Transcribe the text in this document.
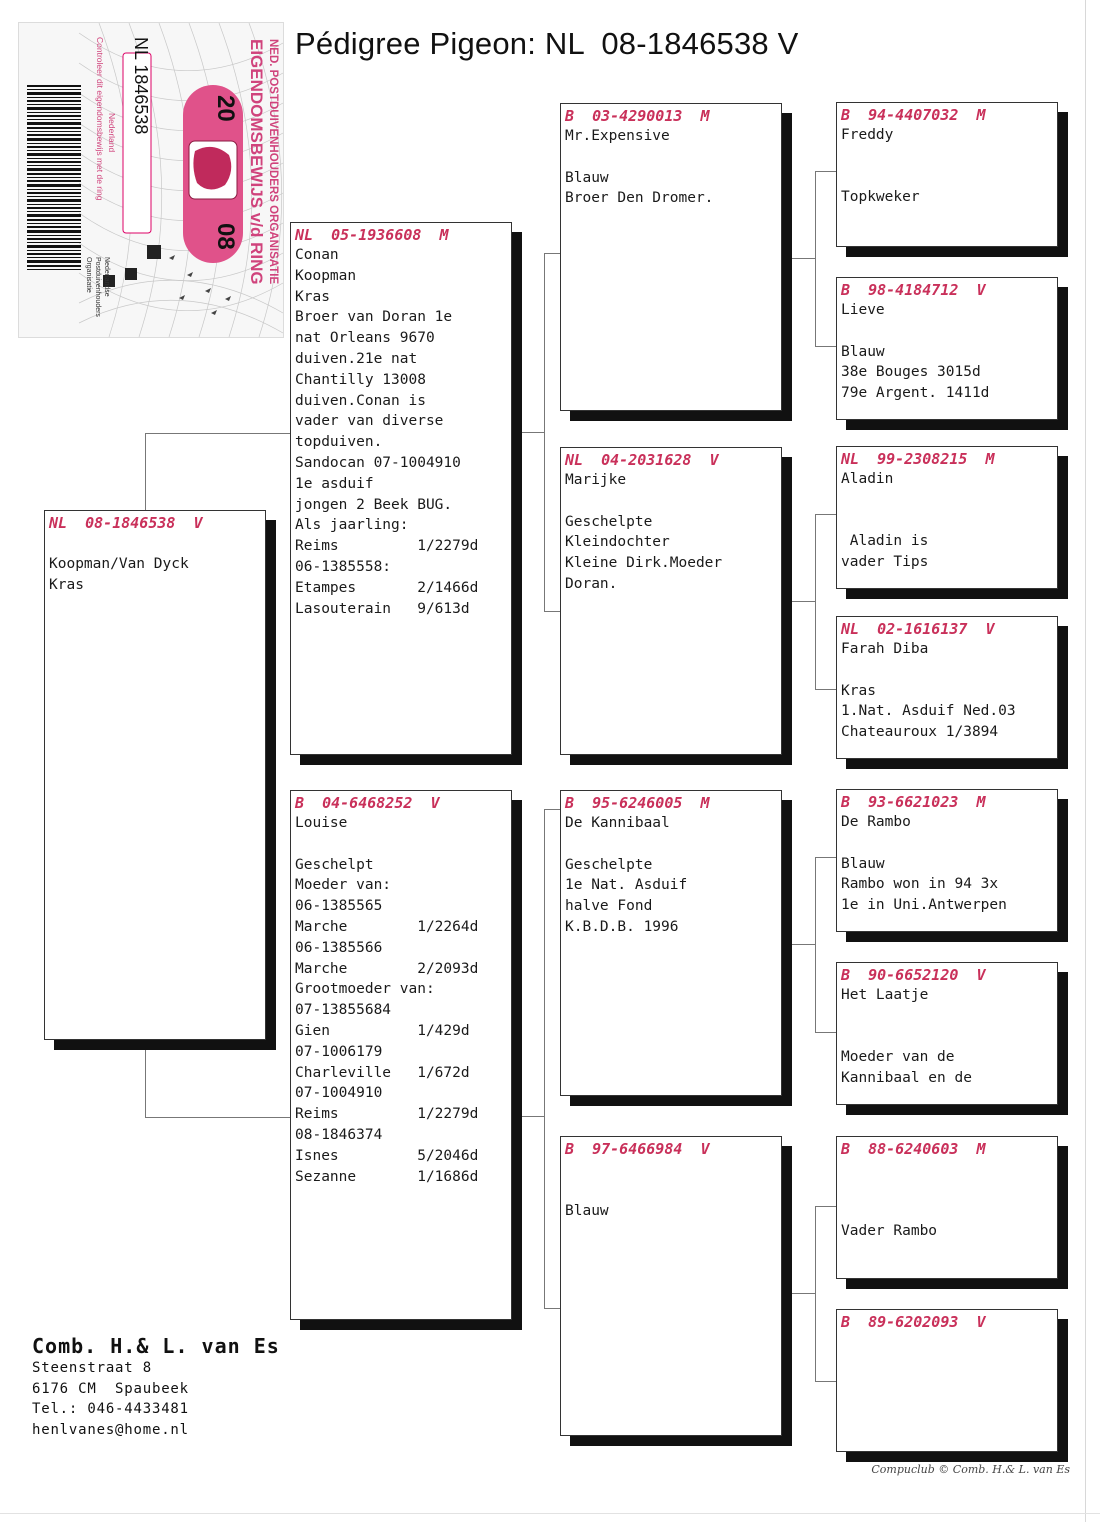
Pédigree Pigeon: NL  08-1846538 V
NED. POSTDUIVENHOUDERS ORGANISATIE
EIGENDOMSBEWIJS v/d RING
20
08
NL 1846538
Nederland
Controleer dit eigendomsbewijs met de ring
Nederlandse Postduivenhouders Organisatie
NL  08-1846538  V

Koopman/Van Dyck
Kras
NL  05-1936608  M
Conan
Koopman
Kras
Broer van Doran 1e
nat Orleans 9670
duiven.21e nat
Chantilly 13008
duiven.Conan is
vader van diverse
topduiven.
Sandocan 07-1004910
1e asduif
jongen 2 Beek BUG.
Als jaarling:
Reims         1/2279d
06-1385558:
Etampes       2/1466d
Lasouterain   9/613d
B  04-6468252  V
Louise

Geschelpt
Moeder van:
06-1385565
Marche        1/2264d
06-1385566
Marche        2/2093d
Grootmoeder van:
07-13855684
Gien          1/429d
07-1006179
Charleville   1/672d
07-1004910
Reims         1/2279d
08-1846374
Isnes         5/2046d
Sezanne       1/1686d
B  03-4290013  M
Mr.Expensive

Blauw
Broer Den Dromer.
NL  04-2031628  V
Marijke

Geschelpte
Kleindochter
Kleine Dirk.Moeder
Doran.
B  95-6246005  M
De Kannibaal

Geschelpte
1e Nat. Asduif
halve Fond
K.B.D.B. 1996
B  97-6466984  V

Blauw
B  94-4407032  M
Freddy

Topkweker
B  98-4184712  V
Lieve

Blauw
38e Bouges 3015d
79e Argent. 1411d
NL  99-2308215  M
Aladin

Aladin is
vader Tips
NL  02-1616137  V
Farah Diba

Kras
1.Nat. Asduif Ned.03
Chateauroux 1/3894
B  93-6621023  M
De Rambo

Blauw
Rambo won in 94 3x
1e in Uni.Antwerpen
B  90-6652120  V
Het Laatje

Moeder van de
Kannibaal en de
B  88-6240603  M

Vader Rambo
B  89-6202093  V
Comb. H.& L. van Es
Steenstraat 8
6176 CM  Spaubeek
Tel.: 046-4433481
henlvanes@home.nl
Compuclub © Comb. H.& L. van Es
